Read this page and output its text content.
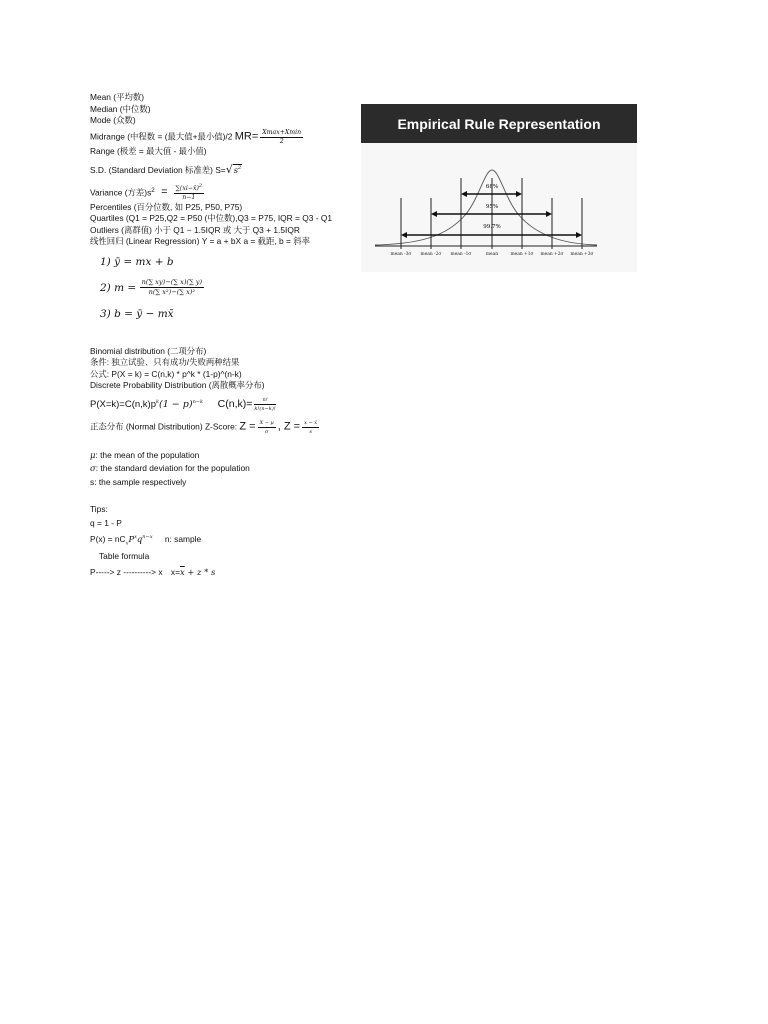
Mean (平均数)
Median (中位数)
Mode (众数)
Midrange (中程数 = (最大值+最小值)/2 $MR= \frac{Xmax+Xmin}{2}$
Range (极差 = 最大值 - 最小值)
S.D. (Standard Deviation 标准差) $S=√s^2$
Variance (方差)$s^2 = \frac{\sum(xi-x̄)^2}{n-1}$
Percentiles (百分位数, 如 P25, P50, P75)
Quartiles (Q1 = P25,Q2 = P50 (中位数),Q3 = P75, IQR = Q3 - Q1
Outliers (离群值) 小于 Q1 − 1.5IQR 或 大于 Q3 + 1.5IQR
线性回归 (Linear Regression) Y = a + bX a = 截距, b = 斜率
1) ȳ = mx + b
2) $m = \frac{n(\sum xy)-(\sum x)(\sum y)}{\text{n(∑ x²)−(∑ x)²}}$
3) b = ȳ − mx̄
Binomial distribution (二项分布)
条件: 独立试验、只有成功/失败两种结果
公式: P(X = k) = C(n,k) * p^k * (1-p)^(n-k)
Discrete Probability Distribution (离散概率分布)
$P(X=k)=C(n,k)p^k(1 - p)^{n-k}$ $C(n,k)= \frac{n!}{k!(n-k)!}$
正态分布 (Normal Distribution) Z-Score: $Z = \frac{X - \mu}{\sigma}$ , $Z = \frac{x - x̄}{s}$
μ: the mean of the population
σ: the standard deviation for the population
s: the sample respectively
Tips:
q = 1 - P
$P(x) = nC_xP^xq^{n-x}$ n: sample
Table formula
P-----> z ----------> x $x=\overline{x} + z * s$
Empirical Rule Representation
68%
95%
99.7%
mean -3σ mean -2σ mean -1σ	mean	mean +1σ mean +2σ mean +3σ
